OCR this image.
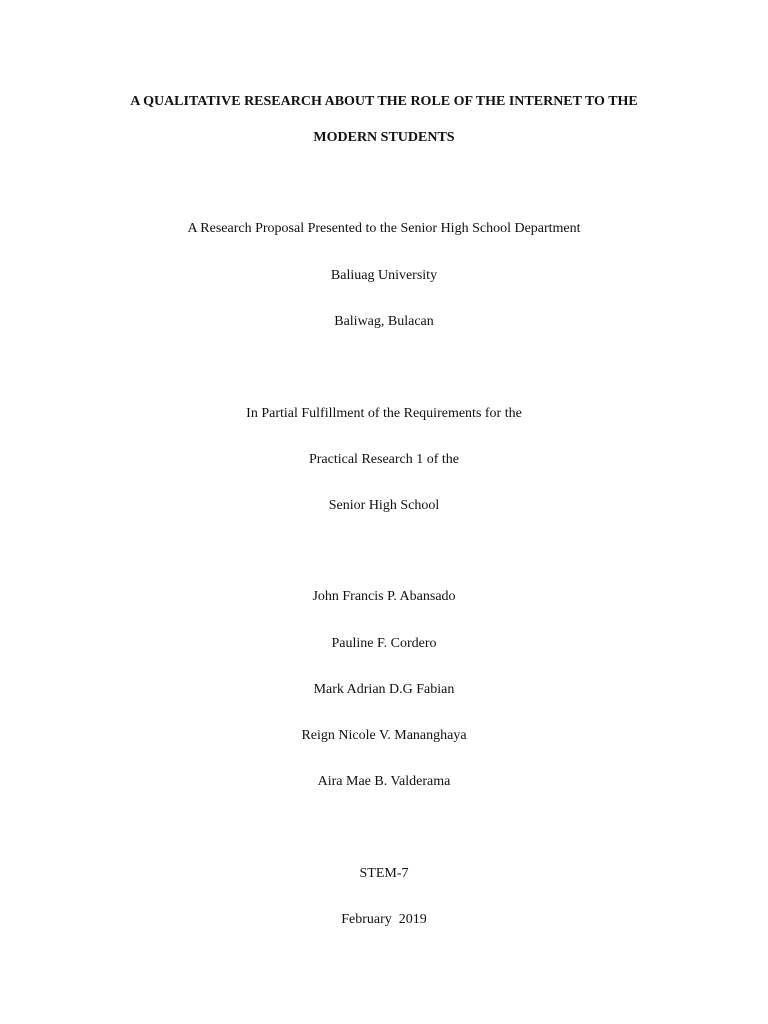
A QUALITATIVE RESEARCH ABOUT THE ROLE OF THE INTERNET TO THE
MODERN STUDENTS
A Research Proposal Presented to the Senior High School Department
Baliuag University
Baliwag, Bulacan
In Partial Fulfillment of the Requirements for the
Practical Research 1 of the
Senior High School
John Francis P. Abansado
Pauline F. Cordero
Mark Adrian D.G Fabian
Reign Nicole V. Mananghaya
Aira Mae B. Valderama
STEM-7
February  2019
